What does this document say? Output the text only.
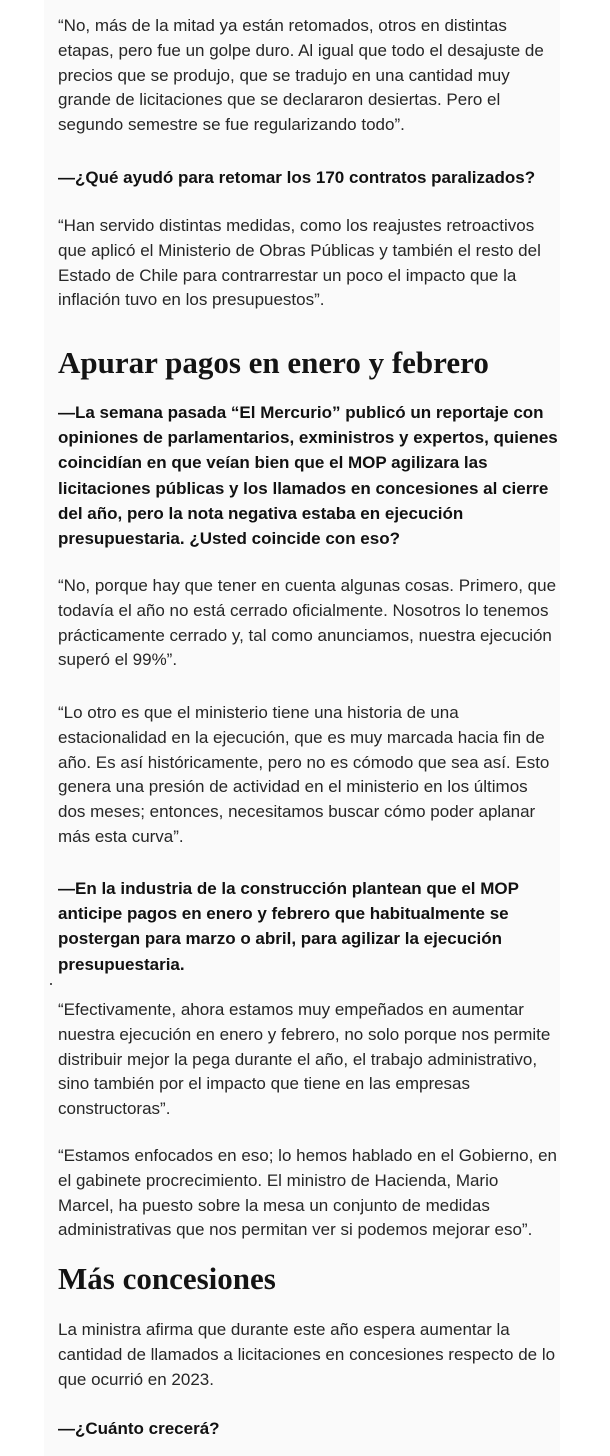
“No, más de la mitad ya están retomados, otros en distintas etapas, pero fue un golpe duro. Al igual que todo el desajuste de precios que se produjo, que se tradujo en una cantidad muy grande de licitaciones que se declararon desiertas. Pero el segundo semestre se fue regularizando todo”.

—¿Qué ayudó para retomar los 170 contratos paralizados?

“Han servido distintas medidas, como los reajustes retroactivos que aplicó el Ministerio de Obras Públicas y también el resto del Estado de Chile para contrarrestar un poco el impacto que la inflación tuvo en los presupuestos”.

Apurar pagos en enero y febrero

—La semana pasada “El Mercurio” publicó un reportaje con opiniones de parlamentarios, exministros y expertos, quienes coincidían en que veían bien que el MOP agilizara las licitaciones públicas y los llamados en concesiones al cierre del año, pero la nota negativa estaba en ejecución presupuestaria. ¿Usted coincide con eso?

“No, porque hay que tener en cuenta algunas cosas. Primero, que todavía el año no está cerrado oficialmente. Nosotros lo tenemos prácticamente cerrado y, tal como anunciamos, nuestra ejecución superó el 99%”.

“Lo otro es que el ministerio tiene una historia de una estacionalidad en la ejecución, que es muy marcada hacia fin de año. Es así históricamente, pero no es cómodo que sea así. Esto genera una presión de actividad en el ministerio en los últimos dos meses; entonces, necesitamos buscar cómo poder aplanar más esta curva”.

—En la industria de la construcción plantean que el MOP anticipe pagos en enero y febrero que habitualmente se postergan para marzo o abril, para agilizar la ejecución presupuestaria.

“Efectivamente, ahora estamos muy empeñados en aumentar nuestra ejecución en enero y febrero, no solo porque nos permite distribuir mejor la pega durante el año, el trabajo administrativo, sino también por el impacto que tiene en las empresas constructoras”.

“Estamos enfocados en eso; lo hemos hablado en el Gobierno, en el gabinete procrecimiento. El ministro de Hacienda, Mario Marcel, ha puesto sobre la mesa un conjunto de medidas administrativas que nos permitan ver si podemos mejorar eso”.

Más concesiones

La ministra afirma que durante este año espera aumentar la cantidad de llamados a licitaciones en concesiones respecto de lo que ocurrió en 2023.

—¿Cuánto crecerá?
